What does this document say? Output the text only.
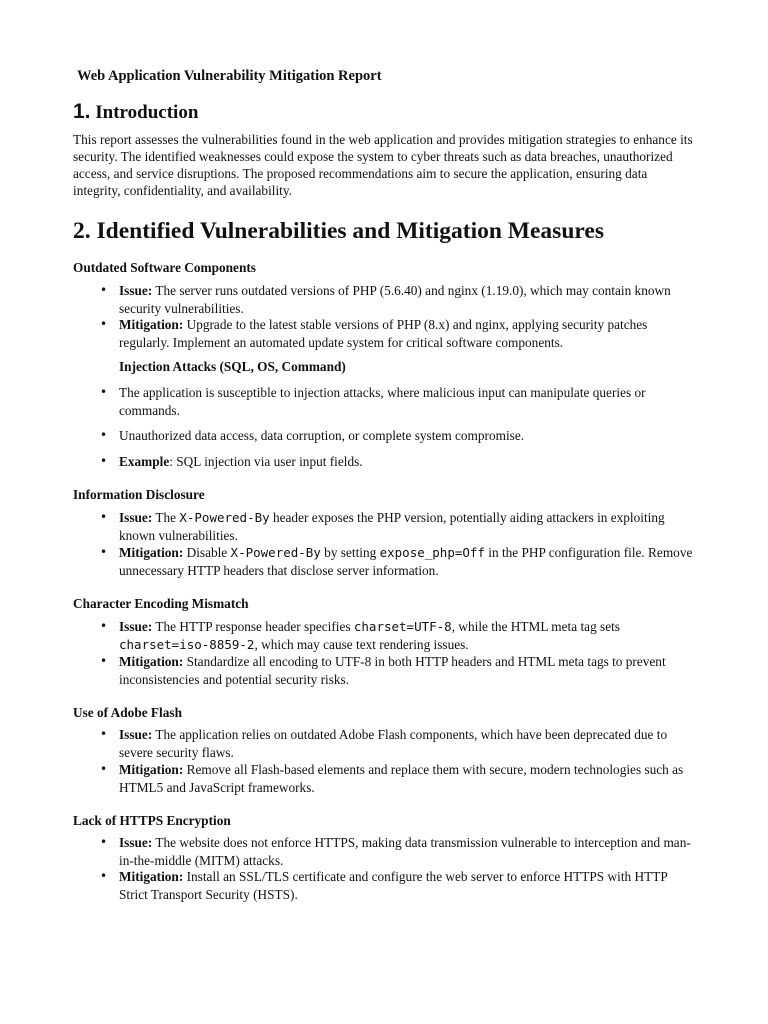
Web Application Vulnerability Mitigation Report
1. Introduction

This report assesses the vulnerabilities found in the web application and provides mitigation strategies to enhance its security. The identified weaknesses could expose the system to cyber threats such as data breaches, unauthorized access, and service disruptions. The proposed recommendations aim to secure the application, ensuring data integrity, confidentiality, and availability.

2. Identified Vulnerabilities and Mitigation Measures
Outdated Software Components

• Issue: The server runs outdated versions of PHP (5.6.40) and nginx (1.19.0), which may contain known security vulnerabilities.

• Mitigation: Upgrade to the latest stable versions of PHP (8.x) and nginx, applying security patches regularly. Implement an automated update system for critical software components.

Injection Attacks (SQL, OS, Command)

• The application is susceptible to injection attacks, where malicious input can manipulate queries or commands.

• Unauthorized data access, data corruption, or complete system compromise.

• Example: SQL injection via user input fields.

Information Disclosure

• Issue: The X-Powered-By header exposes the PHP version, potentially aiding attackers in exploiting known vulnerabilities.

• Mitigation: Disable X-Powered-By by setting expose_php=Off in the PHP configuration file. Remove unnecessary HTTP headers that disclose server information.

Character Encoding Mismatch

• Issue: The HTTP response header specifies charset=UTF-8, while the HTML meta tag sets charset=iso-8859-2, which may cause text rendering issues.

• Mitigation: Standardize all encoding to UTF-8 in both HTTP headers and HTML meta tags to prevent inconsistencies and potential security risks.

Use of Adobe Flash

• Issue: The application relies on outdated Adobe Flash components, which have been deprecated due to severe security flaws.

• Mitigation: Remove all Flash-based elements and replace them with secure, modern technologies such as HTML5 and JavaScript frameworks.

Lack of HTTPS Encryption

• Issue: The website does not enforce HTTPS, making data transmission vulnerable to interception and man-in-the-middle (MITM) attacks.

• Mitigation: Install an SSL/TLS certificate and configure the web server to enforce HTTPS with HTTP Strict Transport Security (HSTS).
